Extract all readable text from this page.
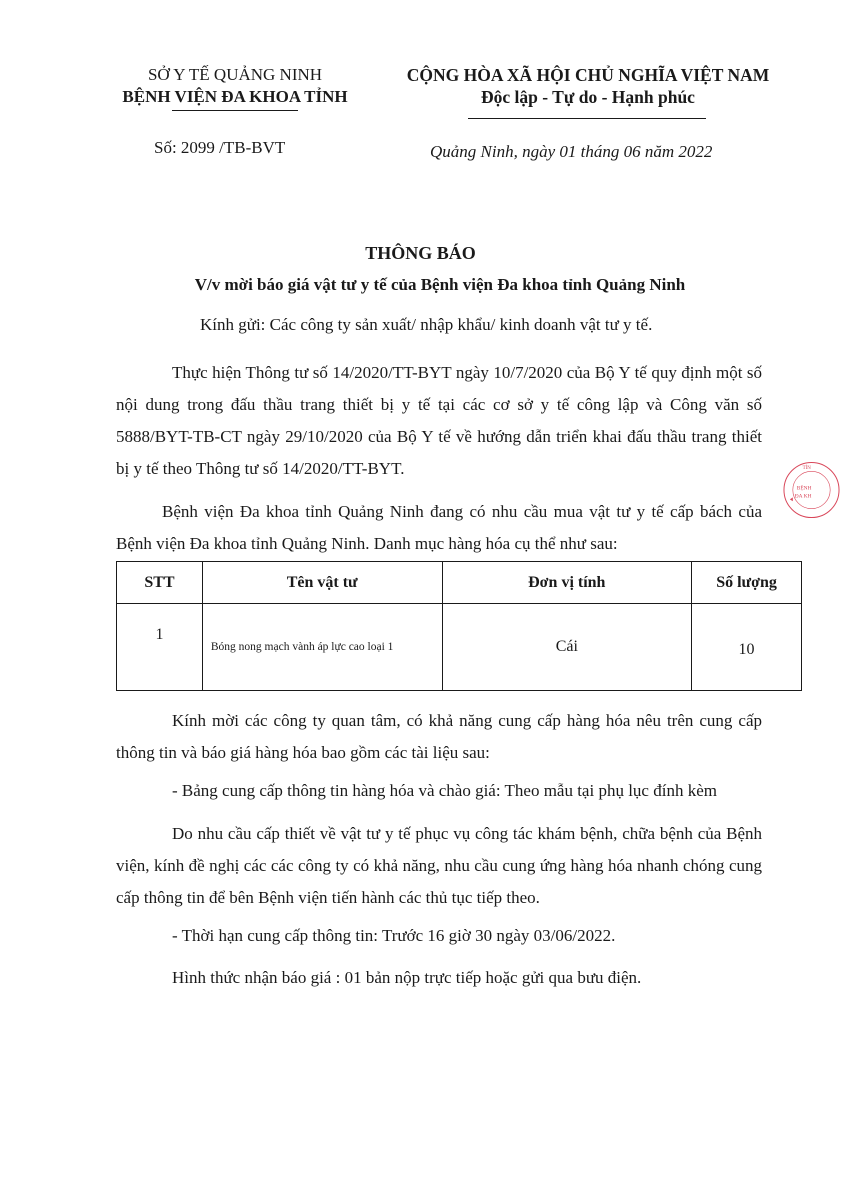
SỞ Y TẾ QUẢNG NINH
BỆNH VIỆN ĐA KHOA TỈNH
CỘNG HÒA XÃ HỘI CHỦ NGHĨA VIỆT NAM
Độc lập - Tự do - Hạnh phúc
Số: 2099 /TB-BVT	Quảng Ninh, ngày 01 tháng 06 năm 2022
THÔNG BÁO
V/v mời báo giá vật tư y tế của Bệnh viện Đa khoa tỉnh Quảng Ninh
Kính gửi: Các công ty sản xuất/ nhập khẩu/ kinh doanh vật tư y tế.
Thực hiện Thông tư số 14/2020/TT-BYT ngày 10/7/2020 của Bộ Y tế quy định một số nội dung trong đấu thầu trang thiết bị y tế tại các cơ sở y tế công lập và Công văn số 5888/BYT-TB-CT ngày 29/10/2020 của Bộ Y tế về hướng dẫn triển khai đấu thầu trang thiết bị y tế theo Thông tư số 14/2020/TT-BYT.
Bệnh viện Đa khoa tỉnh Quảng Ninh đang có nhu cầu mua vật tư y tế cấp bách của Bệnh viện Đa khoa tỉnh Quảng Ninh. Danh mục hàng hóa cụ thể như sau:
STT	Tên vật tư	Đơn vị tính	Số lượng
1	Bóng nong mạch vành áp lực cao loại 1	Cái	10
Kính mời các công ty quan tâm, có khả năng cung cấp hàng hóa nêu trên cung cấp thông tin và báo giá hàng hóa bao gồm các tài liệu sau:
- Bảng cung cấp thông tin hàng hóa và chào giá: Theo mẫu tại phụ lục đính kèm
Do nhu cầu cấp thiết về vật tư y tế phục vụ công tác khám bệnh, chữa bệnh của Bệnh viện, kính đề nghị các các công ty có khả năng, nhu cầu cung ứng hàng hóa nhanh chóng cung cấp thông tin để bên Bệnh viện tiến hành các thủ tục tiếp theo.
- Thời hạn cung cấp thông tin: Trước 16 giờ 30 ngày 03/06/2022.
Hình thức nhận báo giá : 01 bản nộp trực tiếp hoặc gửi qua bưu điện.
TỈN
BỆNH
ĐA KH
